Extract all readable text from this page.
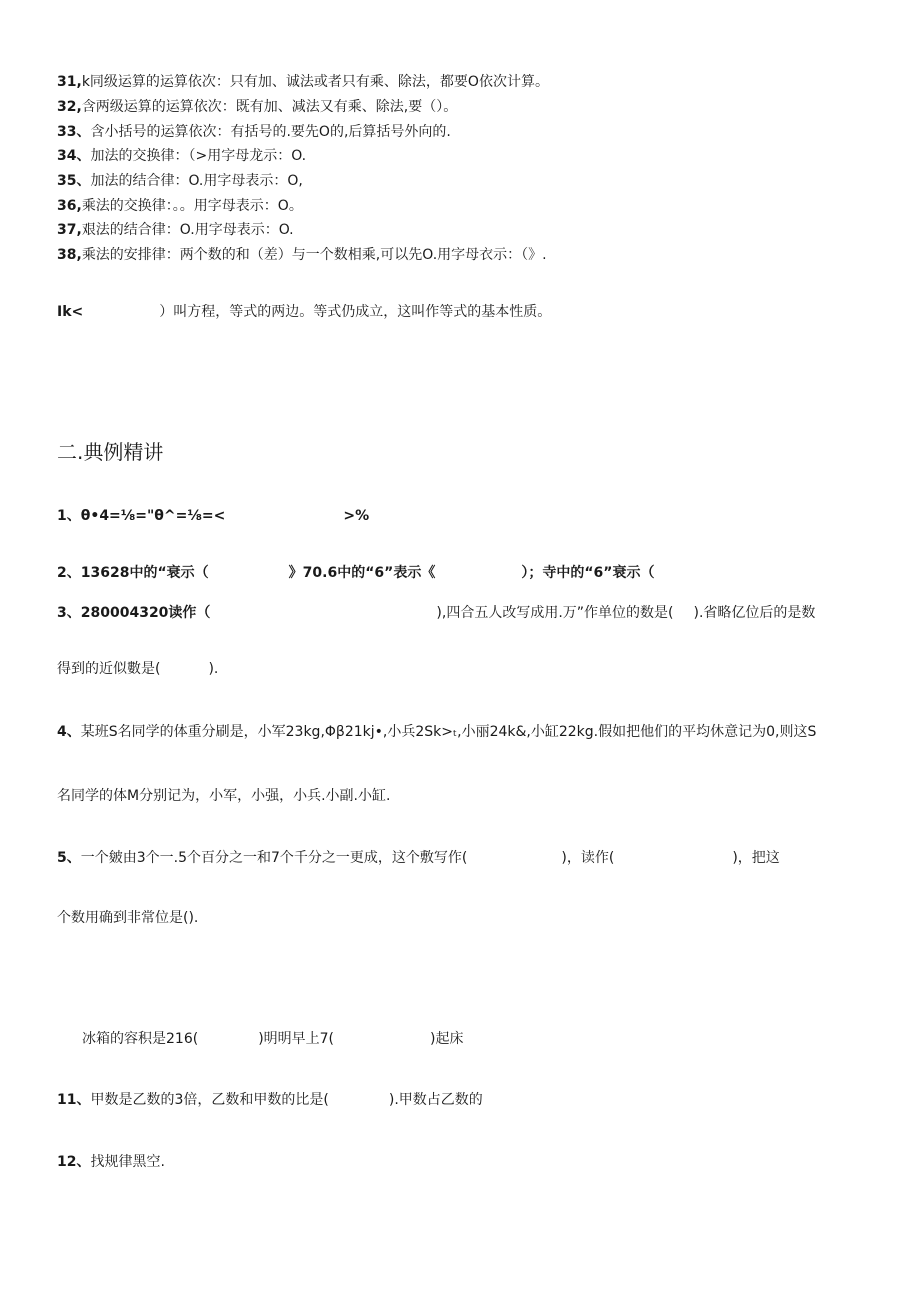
31,k同级运算的运算依次：只有加、诚法或者只有乘、除法，都要O依次计算。
32,含两级运算的运算依次：既有加、减法又有乘、除法,要（）。
33、含小括号的运算依次：有括号的.要先O的,后算括号外向的.
34、加法的交换律：（>用字母龙示：O.
35、加法的结合律：O.用字母表示：O,
36,乘法的交换律：。。用字母表示：O。
37,艰法的结合律：O.用字母表示：O.
38,乘法的安排律：两个数的和（差）与一个数相乘,可以先O.用字母衣示：（》.
Ik<	）叫方程，等式的两边。等式仍成立，这叫作等式的基本性质。
二.典例精讲
1、θ•4=⅛="θ^=⅛=<	>%
2、13628中的“衰示（	》70.6中的“6”表示《	）；寺中的“6”衰示（
3、280004320读作（	),四合五人改写成用.万”作单位的数是( ).省略亿位后的是数
得到的近似數是(	).
4、某班S名同学的体重分刷是，小军23kg,Φβ21kj•,小兵2Sk>ₜ,小丽24k&,小缸22kg.假如把他们的平均休意记为0,则这S
名同学的体M分别记为，小军，小强，小兵.小副.小缸.
5、一个皴由3个一.5个百分之一和7个千分之一更成，这个敷写作(	)，读作(	)，把这
个数用确到非常位是().
冰箱的容积是216(	)明明早上7(	)起床
11、甲数是乙数的3倍，乙数和甲数的比是(	).甲数占乙数的
12、找规律黑空.
